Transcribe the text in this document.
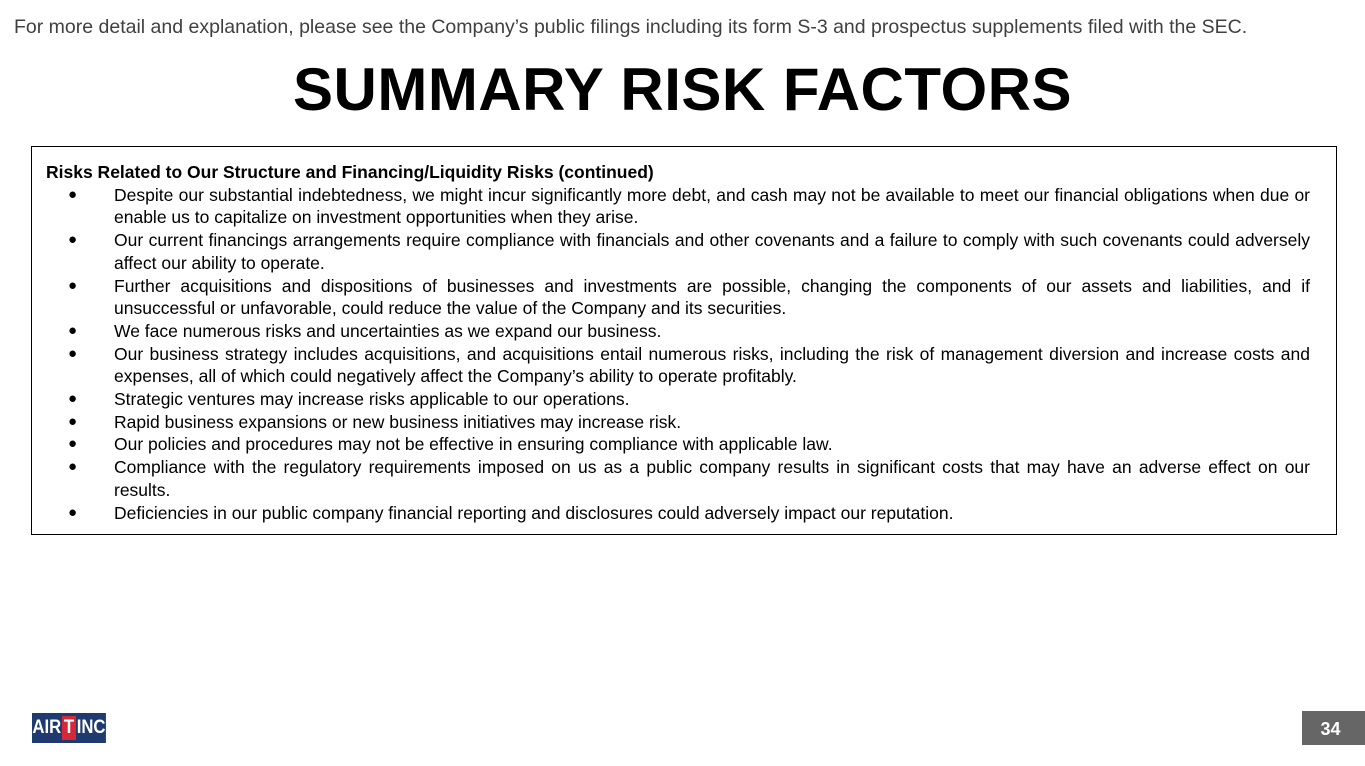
For more detail and explanation, please see the Company’s public filings including its form S-3 and prospectus supplements filed with the SEC.
SUMMARY RISK FACTORS

Risks Related to Our Structure and Financing/Liquidity Risks (continued)

●	Despite our substantial indebtedness, we might incur significantly more debt, and cash may not be available to meet our financial obligations when due or enable us to capitalize on investment opportunities when they arise.
●	Our current financings arrangements require compliance with financials and other covenants and a failure to comply with such covenants could adversely affect our ability to operate.
●	Further acquisitions and dispositions of businesses and investments are possible, changing the components of our assets and liabilities, and if unsuccessful or unfavorable, could reduce the value of the Company and its securities.
●	We face numerous risks and uncertainties as we expand our business.
●	Our business strategy includes acquisitions, and acquisitions entail numerous risks, including the risk of management diversion and increase costs and expenses, all of which could negatively affect the Company’s ability to operate profitably.
●	Strategic ventures may increase risks applicable to our operations.
●	Rapid business expansions or new business initiatives may increase risk.
●	Our policies and procedures may not be effective in ensuring compliance with applicable law.
●	Compliance with the regulatory requirements imposed on us as a public company results in significant costs that may have an adverse effect on our results.
●	Deficiencies in our public company financial reporting and disclosures could adversely impact our reputation.
AIR T INC	34
